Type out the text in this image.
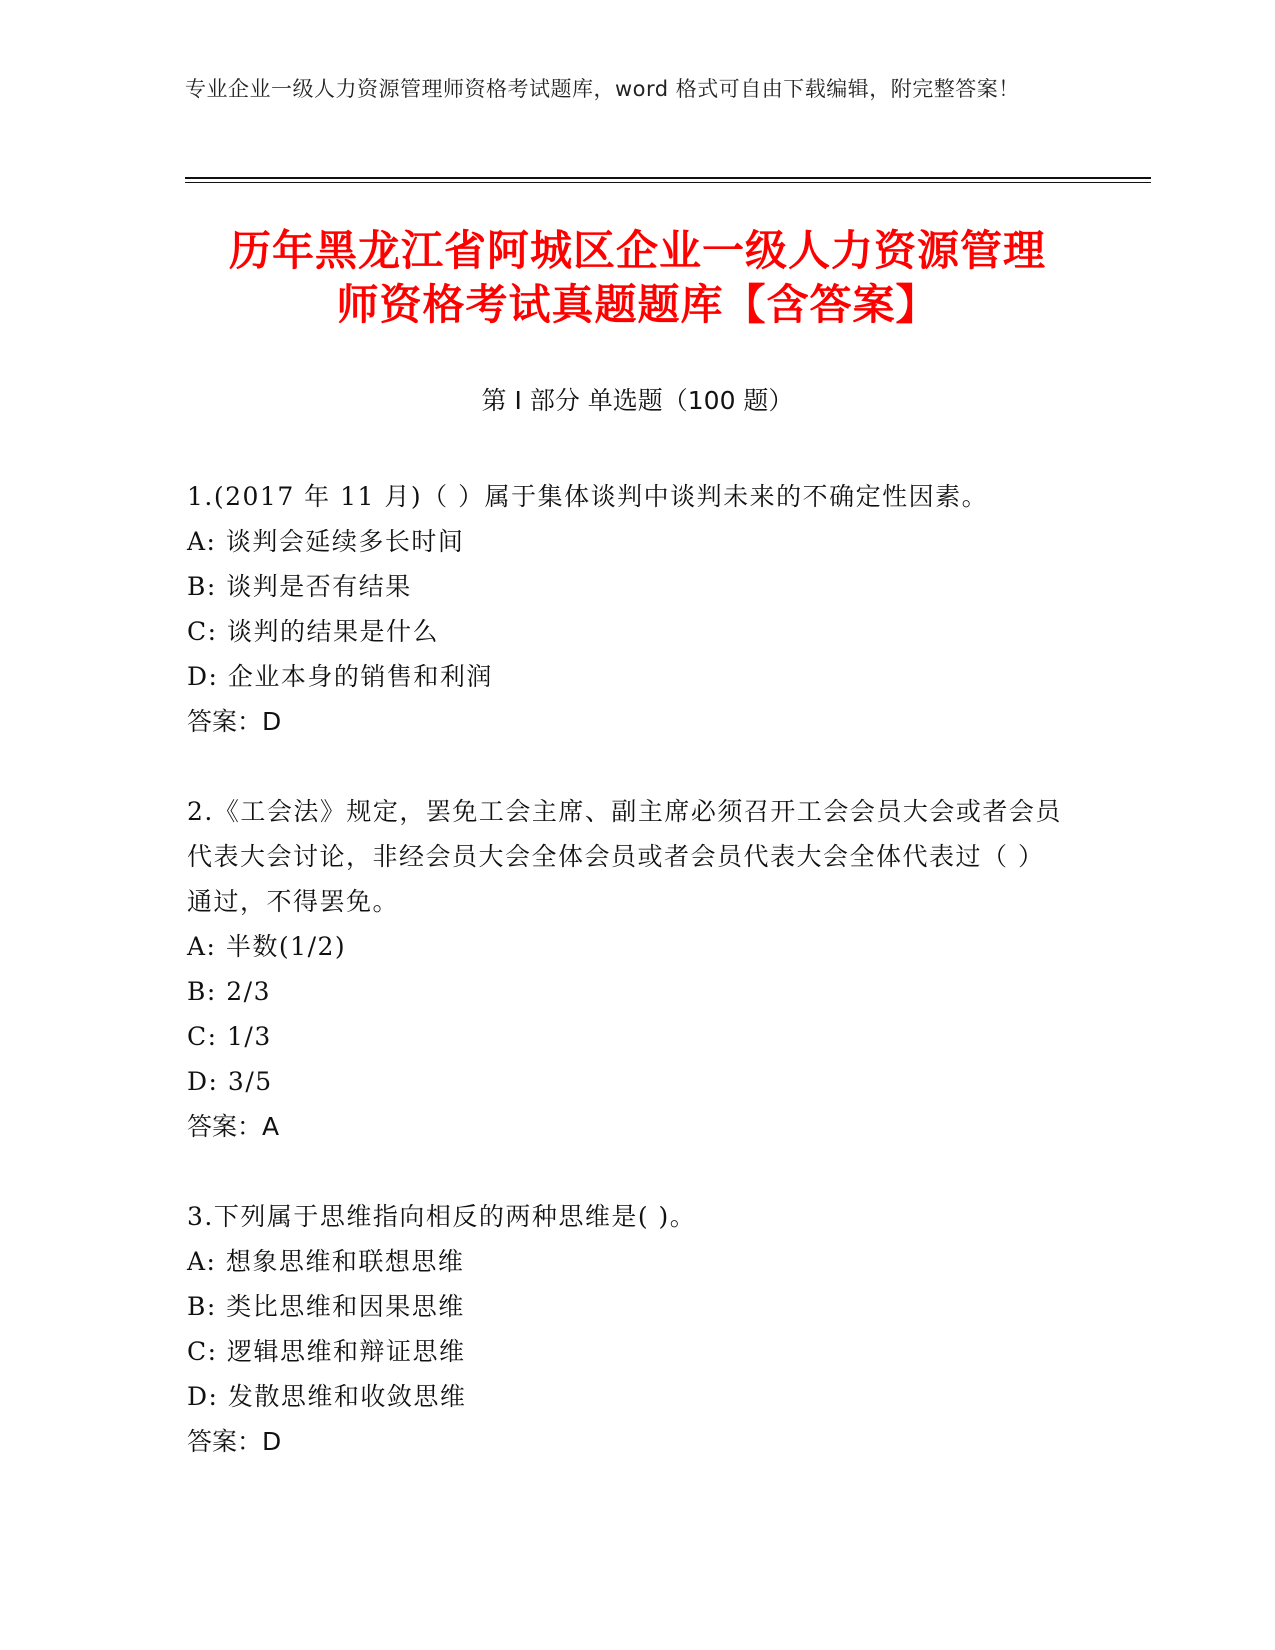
专业企业一级人力资源管理师资格考试题库，word 格式可自由下载编辑，附完整答案！
历年黑龙江省阿城区企业一级人力资源管理
师资格考试真题题库【含答案】
第 I 部分 单选题（100 题）
1.(2017 年 11 月)（ ）属于集体谈判中谈判未来的不确定性因素。
A: 谈判会延续多长时间
B: 谈判是否有结果
C: 谈判的结果是什么
D: 企业本身的销售和利润
答案：D
2.《工会法》规定，罢免工会主席、副主席必须召开工会会员大会或者会员代表大会讨论，非经会员大会全体会员或者会员代表大会全体代表过（ ）通过，不得罢免。
A: 半数(1/2)
B: 2/3
C: 1/3
D: 3/5
答案：A
3.下列属于思维指向相反的两种思维是( )。
A: 想象思维和联想思维
B: 类比思维和因果思维
C: 逻辑思维和辩证思维
D: 发散思维和收敛思维
答案：D
